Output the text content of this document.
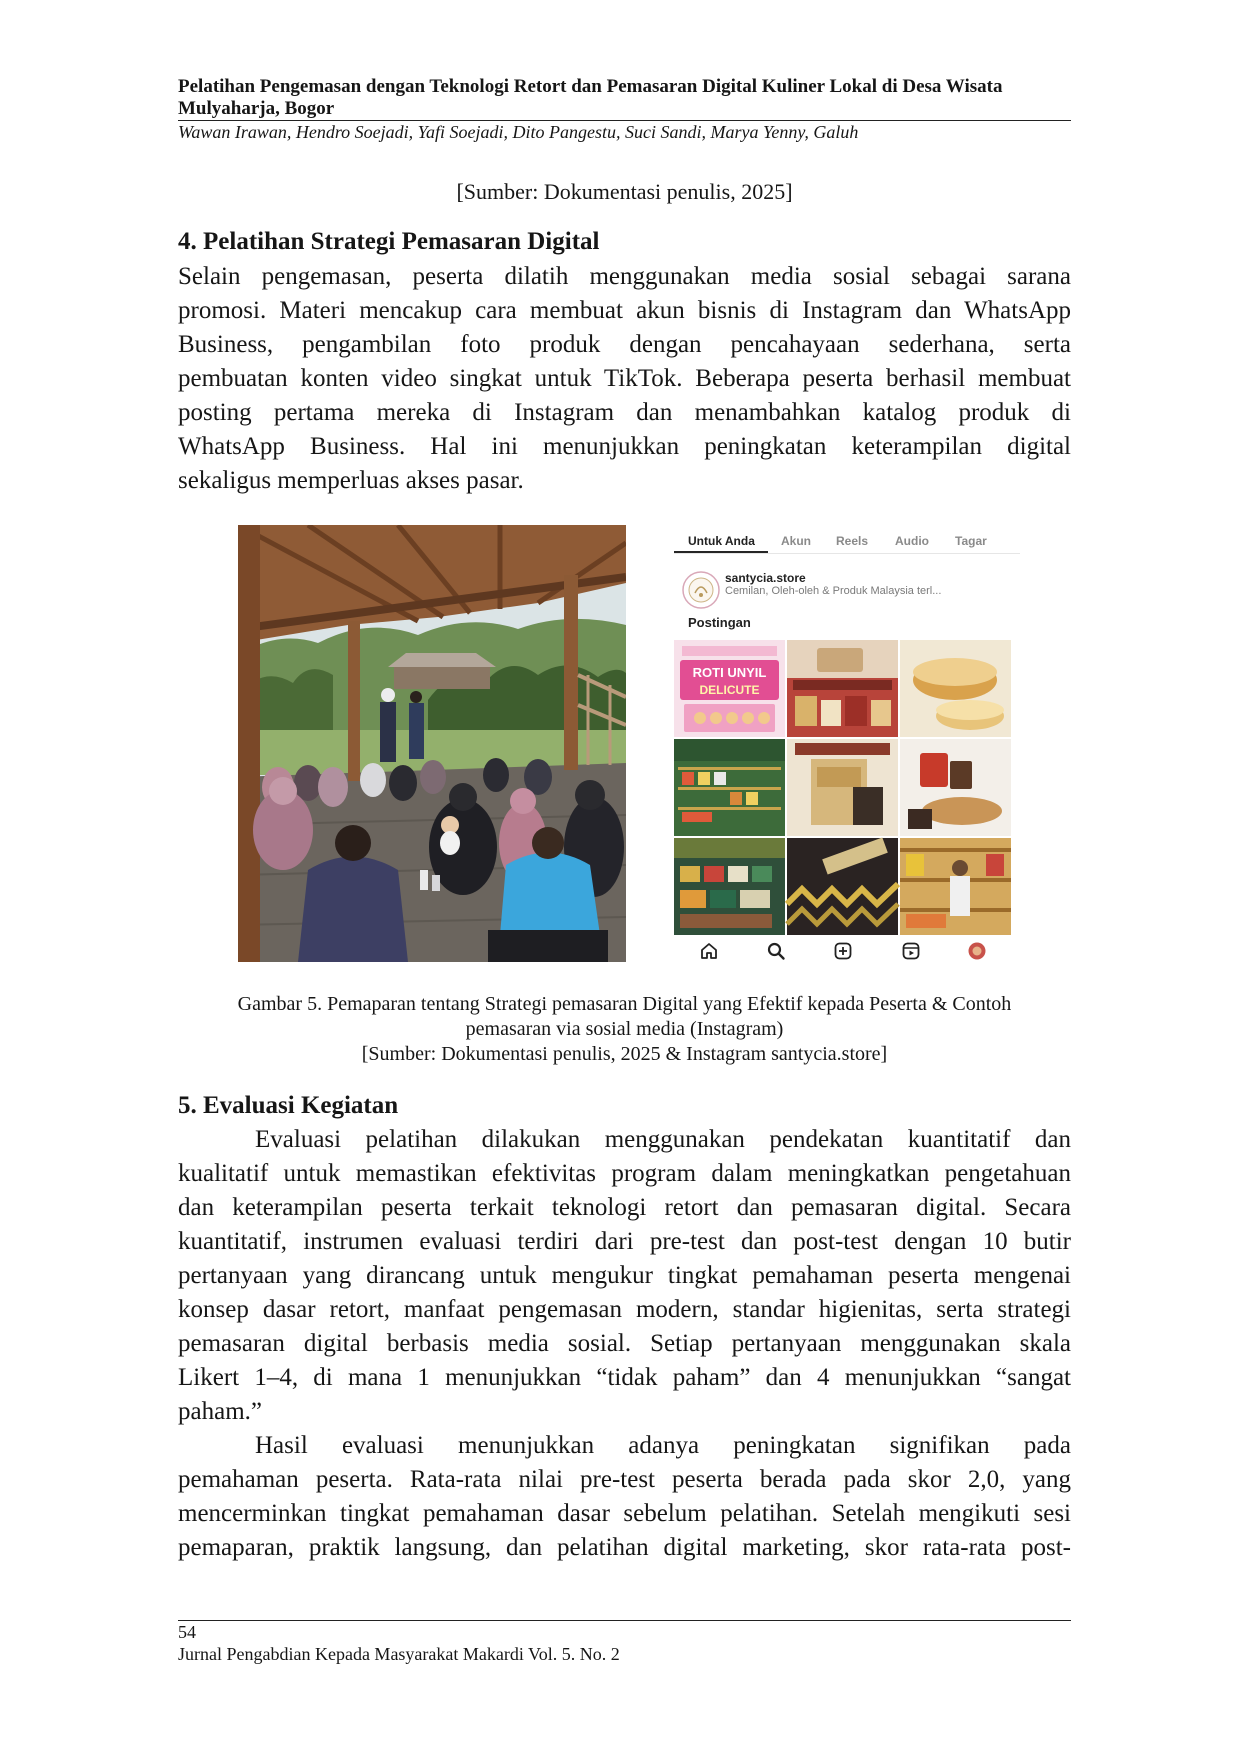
Pelatihan Pengemasan dengan Teknologi Retort dan Pemasaran Digital Kuliner Lokal di Desa Wisata
Mulyaharja, Bogor
Wawan Irawan, Hendro Soejadi, Yafi Soejadi, Dito Pangestu, Suci Sandi, Marya Yenny, Galuh
[Sumber: Dokumentasi penulis, 2025]
4. Pelatihan Strategi Pemasaran Digital
Selain pengemasan, peserta dilatih menggunakan media sosial sebagai sarana
promosi. Materi mencakup cara membuat akun bisnis di Instagram dan WhatsApp
Business, pengambilan foto produk dengan pencahayaan sederhana, serta
pembuatan konten video singkat untuk TikTok. Beberapa peserta berhasil membuat
posting pertama mereka di Instagram dan menambahkan katalog produk di
WhatsApp Business. Hal ini menunjukkan peningkatan keterampilan digital
sekaligus memperluas akses pasar.
Untuk Anda Akun Reels Audio Tagar
santycia.store
Cemilan, Oleh-oleh & Produk Malaysia terl...
Postingan
ROTI UNYIL
DELICUTE
Gambar 5. Pemaparan tentang Strategi pemasaran Digital yang Efektif kepada Peserta & Contoh
pemasaran via sosial media (Instagram)
[Sumber: Dokumentasi penulis, 2025 & Instagram santycia.store]
5. Evaluasi Kegiatan
Evaluasi pelatihan dilakukan menggunakan pendekatan kuantitatif dan
kualitatif untuk memastikan efektivitas program dalam meningkatkan pengetahuan
dan keterampilan peserta terkait teknologi retort dan pemasaran digital. Secara
kuantitatif, instrumen evaluasi terdiri dari pre-test dan post-test dengan 10 butir
pertanyaan yang dirancang untuk mengukur tingkat pemahaman peserta mengenai
konsep dasar retort, manfaat pengemasan modern, standar higienitas, serta strategi
pemasaran digital berbasis media sosial. Setiap pertanyaan menggunakan skala
Likert 1–4, di mana 1 menunjukkan “tidak paham” dan 4 menunjukkan “sangat
paham.”
Hasil evaluasi menunjukkan adanya peningkatan signifikan pada
pemahaman peserta. Rata-rata nilai pre-test peserta berada pada skor 2,0, yang
mencerminkan tingkat pemahaman dasar sebelum pelatihan. Setelah mengikuti sesi
pemaparan, praktik langsung, dan pelatihan digital marketing, skor rata-rata post-
54
Jurnal Pengabdian Kepada Masyarakat Makardi Vol. 5. No. 2
